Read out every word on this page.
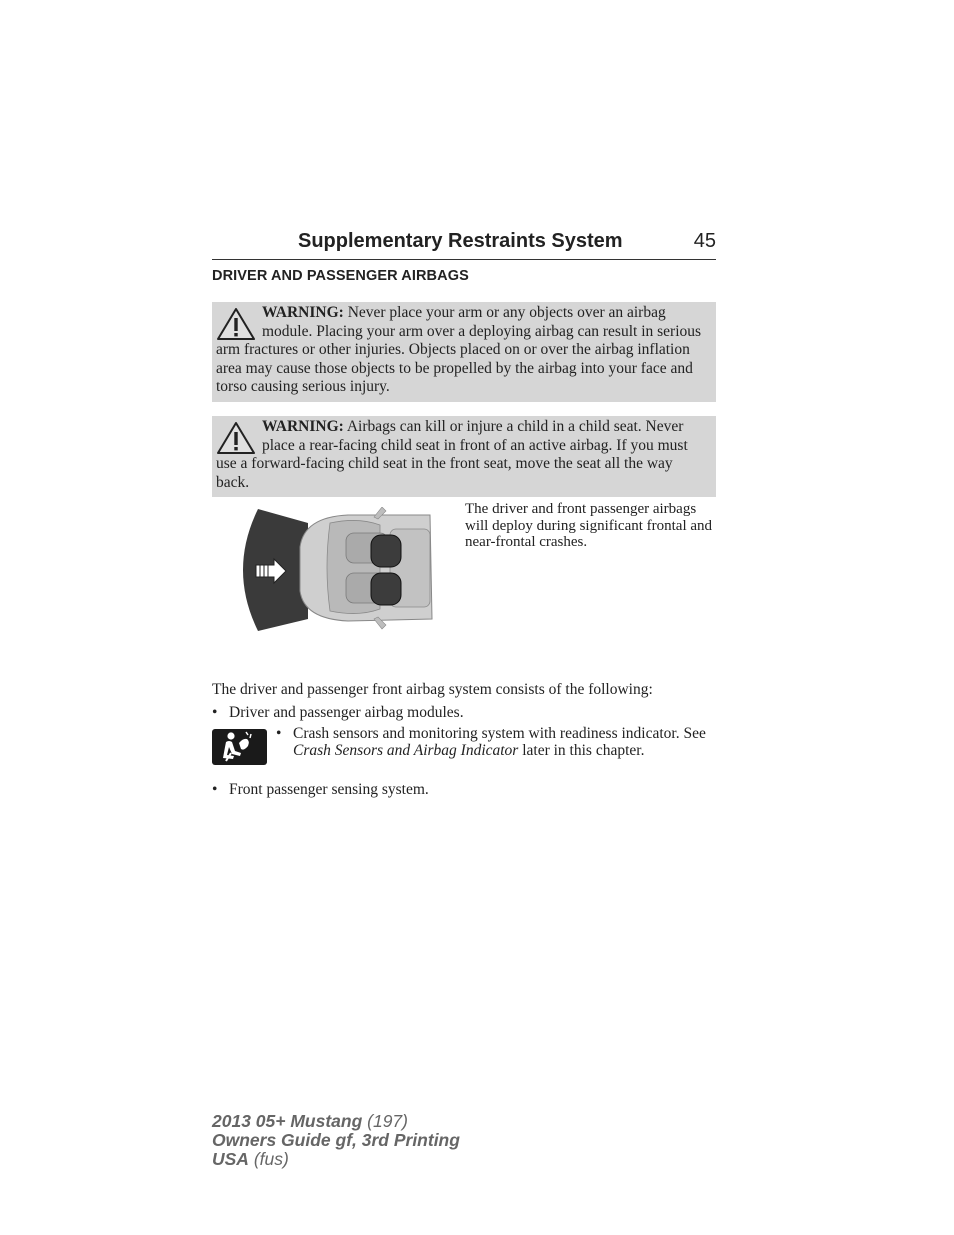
Supplementary Restraints System	45
DRIVER AND PASSENGER AIRBAGS
WARNING: Never place your arm or any objects over an airbag module. Placing your arm over a deploying airbag can result in serious arm fractures or other injuries. Objects placed on or over the airbag inflation area may cause those objects to be propelled by the airbag into your face and torso causing serious injury.
WARNING: Airbags can kill or injure a child in a child seat. Never place a rear-facing child seat in front of an active airbag. If you must use a forward-facing child seat in the front seat, move the seat all the way back.
The driver and front passenger airbags will deploy during significant frontal and near-frontal crashes.
The driver and passenger front airbag system consists of the following:
• Driver and passenger airbag modules.
• Crash sensors and monitoring system with readiness indicator. See Crash Sensors and Airbag Indicator later in this chapter.
• Front passenger sensing system.
2013 05+ Mustang (197)
Owners Guide gf, 3rd Printing
USA (fus)
